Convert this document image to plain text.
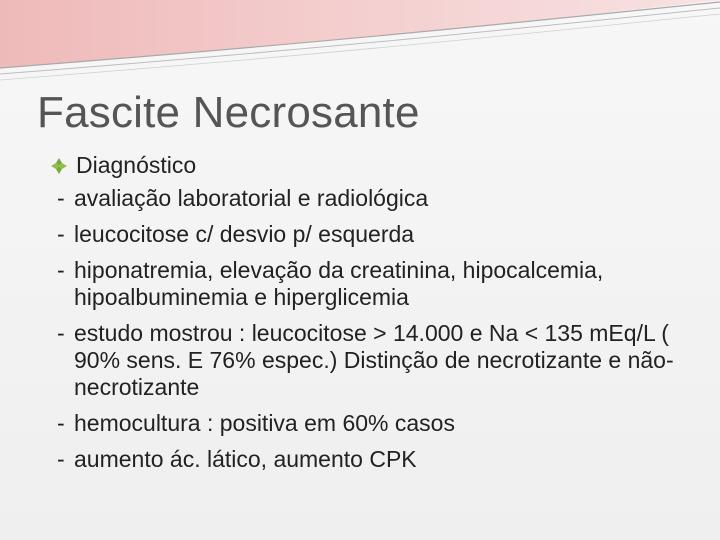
Fascite Necrosante
Diagnóstico
- avaliação laboratorial e radiológica
- leucocitose c/ desvio p/ esquerda
- hiponatremia, elevação da creatinina, hipocalcemia, hipoalbuminemia e hiperglicemia
- estudo mostrou : leucocitose > 14.000 e Na < 135 mEq/L ( 90% sens. E 76% espec.) Distinção de necrotizante e não-necrotizante
- hemocultura : positiva em 60% casos
- aumento ác. lático, aumento CPK
